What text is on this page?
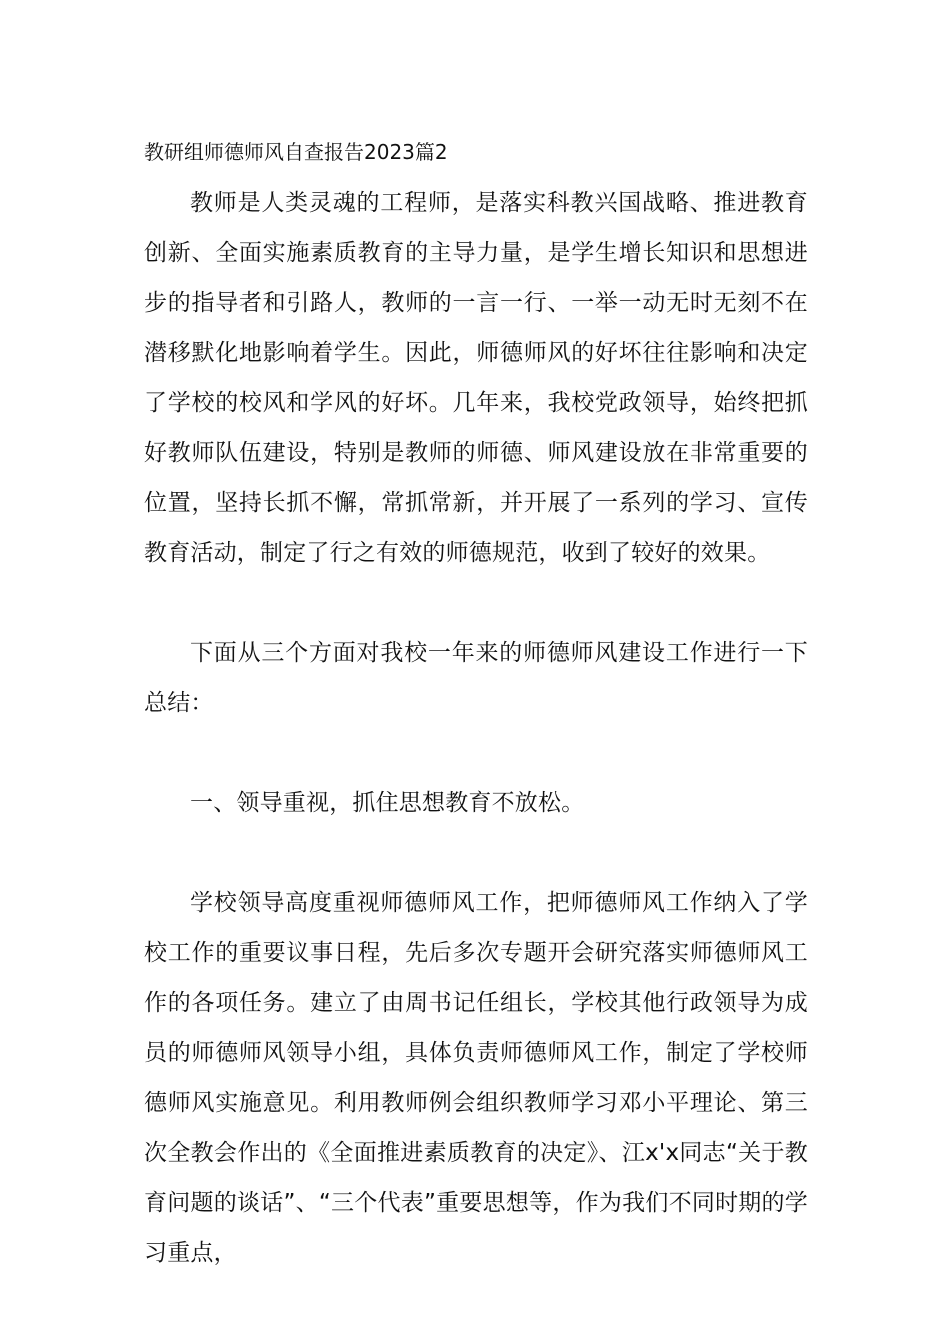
教研组师德师风自查报告2023篇2

教师是人类灵魂的工程师，是落实科教兴国战略、推进教育创新、全面实施素质教育的主导力量，是学生增长知识和思想进步的指导者和引路人，教师的一言一行、一举一动无时无刻不在潜移默化地影响着学生。因此，师德师风的好坏往往影响和决定了学校的校风和学风的好坏。几年来，我校党政领导，始终把抓好教师队伍建设，特别是教师的师德、师风建设放在非常重要的位置，坚持长抓不懈，常抓常新，并开展了一系列的学习、宣传教育活动，制定了行之有效的师德规范，收到了较好的效果。

下面从三个方面对我校一年来的师德师风建设工作进行一下总结：

一、领导重视，抓住思想教育不放松。

学校领导高度重视师德师风工作，把师德师风工作纳入了学校工作的重要议事日程，先后多次专题开会研究落实师德师风工作的各项任务。建立了由周书记任组长，学校其他行政领导为成员的师德师风领导小组，具体负责师德师风工作，制定了学校师德师风实施意见。利用教师例会组织教师学习邓小平理论、第三次全教会作出的《全面推进素质教育的决定》、江x'x同志“关于教育问题的谈话”、“三个代表”重要思想等，作为我们不同时期的学习重点，
